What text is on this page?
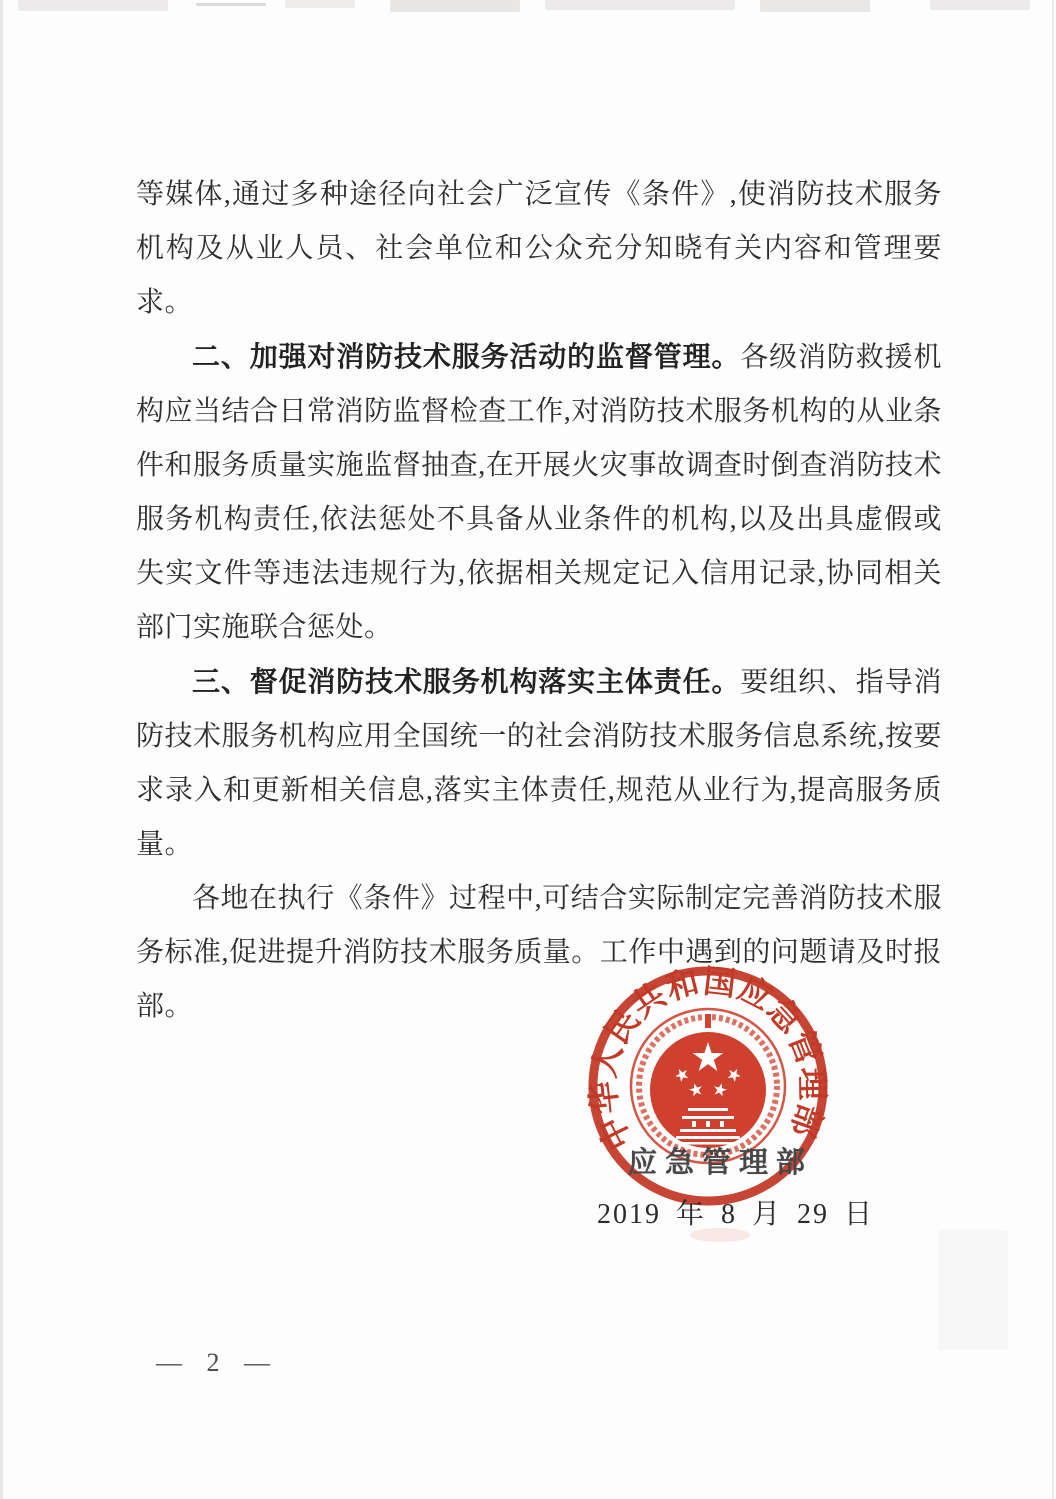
等媒体,通过多种途径向社会广泛宣传《条件》,使消防技术服务机构及从业人员、社会单位和公众充分知晓有关内容和管理要求。

二、加强对消防技术服务活动的监督管理。各级消防救援机构应当结合日常消防监督检查工作,对消防技术服务机构的从业条件和服务质量实施监督抽查,在开展火灾事故调查时倒查消防技术服务机构责任,依法惩处不具备从业条件的机构,以及出具虚假或失实文件等违法违规行为,依据相关规定记入信用记录,协同相关部门实施联合惩处。

三、督促消防技术服务机构落实主体责任。要组织、指导消防技术服务机构应用全国统一的社会消防技术服务信息系统,按要求录入和更新相关信息,落实主体责任,规范从业行为,提高服务质量。

各地在执行《条件》过程中,可结合实际制定完善消防技术服务标准,促进提升消防技术服务质量。工作中遇到的问题请及时报部。

中华人民共和国应急管理部
应急管理部
2019 年 8 月 29 日
— 2 —
